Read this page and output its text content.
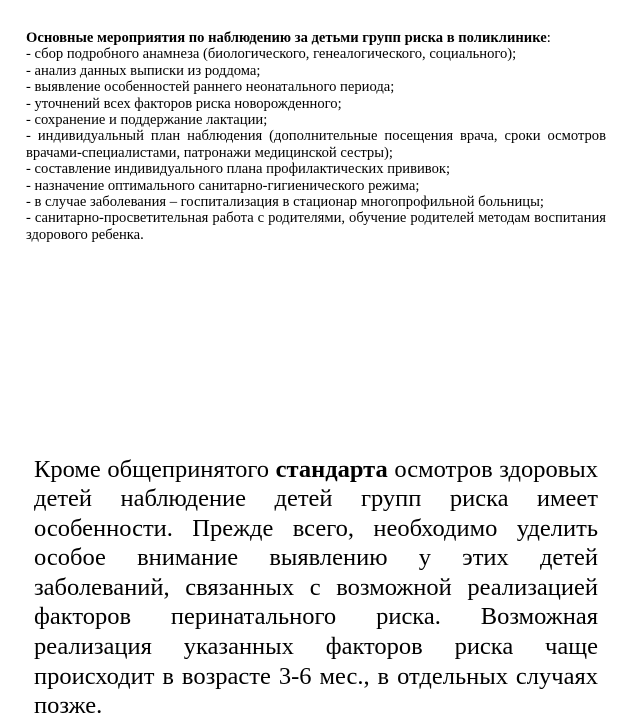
Основные мероприятия по наблюдению за детьми групп риска в поликлинике:

- сбор подробного анамнеза (биологического, генеалогического, социального);
- анализ данных выписки из роддома;
- выявление особенностей раннего неонатального периода;
- уточнений всех факторов риска новорожденного;
- сохранение и поддержание лактации;
- индивидуальный план наблюдения (дополнительные посещения врача, сроки осмотров врачами-специалистами, патронажи медицинской сестры);
- составление индивидуального плана профилактических прививок;
- назначение оптимального санитарно-гигиенического режима;
- в случае заболевания – госпитализация в стационар многопрофильной больницы;
- санитарно-просветительная работа с родителями, обучение родителей методам воспитания здорового ребенка.

Кроме общепринятого стандарта осмотров здоровых детей наблюдение детей групп риска имеет особенности. Прежде всего, необходимо уделить особое внимание выявлению у этих детей заболеваний, связанных с возможной реализацией факторов перинатального риска. Возможная реализация указанных факторов риска чаще происходит в возрасте 3-6 мес., в отдельных случаях позже.
